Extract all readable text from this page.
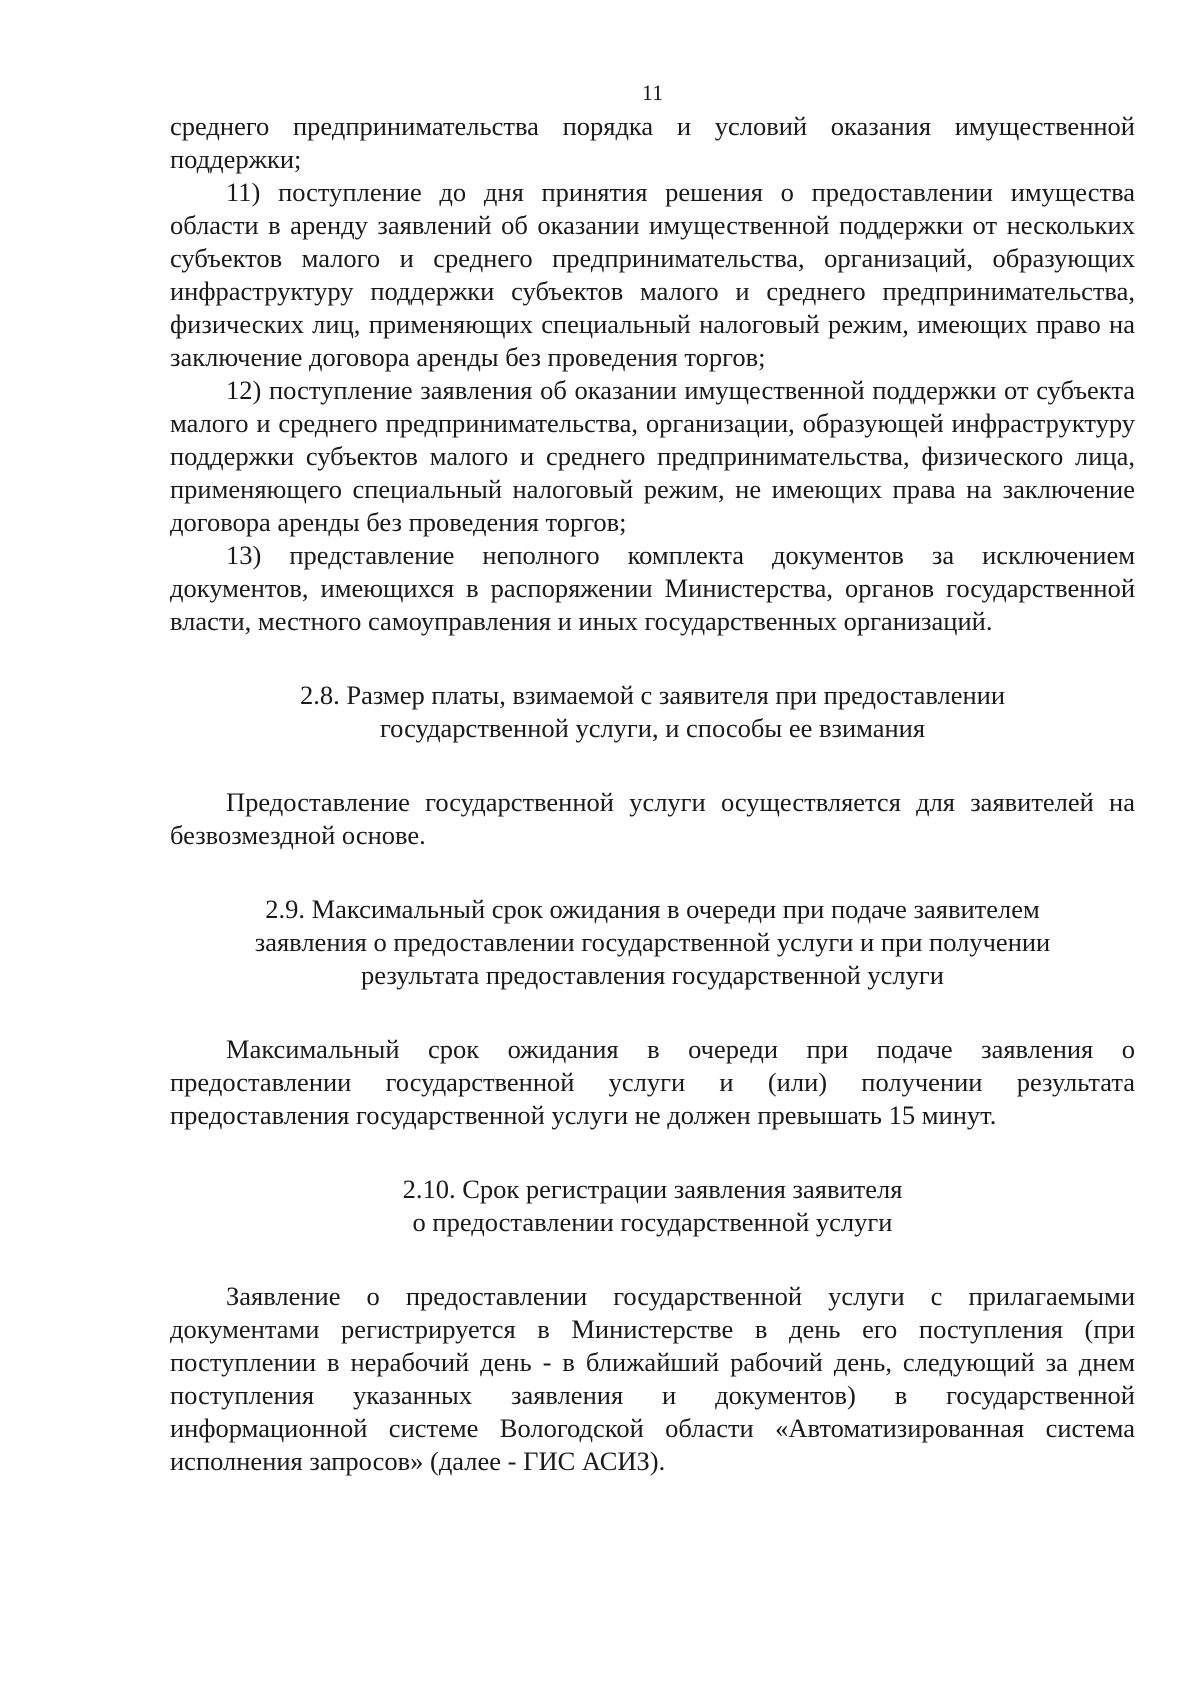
11

среднего предпринимательства порядка и условий оказания имущественной поддержки;

11) поступление до дня принятия решения о предоставлении имущества области в аренду заявлений об оказании имущественной поддержки от нескольких субъектов малого и среднего предпринимательства, организаций, образующих инфраструктуру поддержки субъектов малого и среднего предпринимательства, физических лиц, применяющих специальный налоговый режим, имеющих право на заключение договора аренды без проведения торгов;

12) поступление заявления об оказании имущественной поддержки от субъекта малого и среднего предпринимательства, организации, образующей инфраструктуру поддержки субъектов малого и среднего предпринимательства, физического лица, применяющего специальный налоговый режим, не имеющих права на заключение договора аренды без проведения торгов;

13) представление неполного комплекта документов за исключением документов, имеющихся в распоряжении Министерства, органов государственной власти, местного самоуправления и иных государственных организаций.

2.8. Размер платы, взимаемой с заявителя при предоставлении
государственной услуги, и способы ее взимания

Предоставление государственной услуги осуществляется для заявителей на безвозмездной основе.

2.9. Максимальный срок ожидания в очереди при подаче заявителем
заявления о предоставлении государственной услуги и при получении
результата предоставления государственной услуги

Максимальный срок ожидания в очереди при подаче заявления о предоставлении государственной услуги и (или) получении результата предоставления государственной услуги не должен превышать 15 минут.

2.10. Срок регистрации заявления заявителя
о предоставлении государственной услуги

Заявление о предоставлении государственной услуги с прилагаемыми документами регистрируется в Министерстве в день его поступления (при поступлении в нерабочий день - в ближайший рабочий день, следующий за днем поступления указанных заявления и документов) в государственной информационной системе Вологодской области «Автоматизированная система исполнения запросов» (далее - ГИС АСИЗ).
